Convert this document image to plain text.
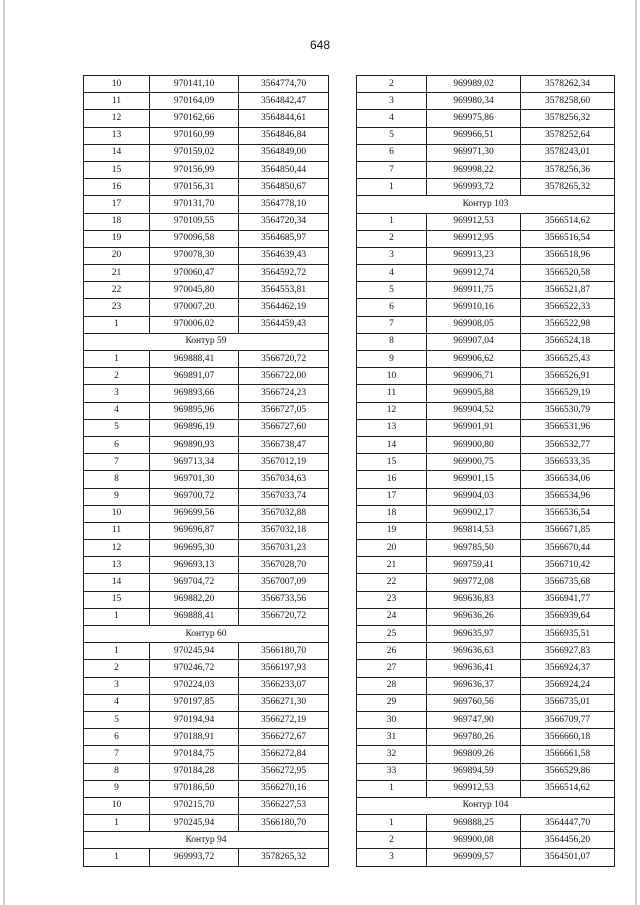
648
10	970141,10	3564774,70
11	970164,09	3564842,47
12	970162,66	3564844,61
13	970160,99	3564846,84
14	970159,02	3564849,00
15	970156,99	3564850,44
16	970156,31	3564850,67
17	970131,70	3564778,10
18	970109,55	3564720,34
19	970096,58	3564685,97
20	970078,30	3564639,43
21	970060,47	3564592,72
22	970045,80	3564553,81
23	970007,20	3564462,19
1	970006,02	3564459,43
Контур 59		
1	969888,41	3566720,72
2	969891,07	3566722,00
3	969893,66	3566724,23
4	969895,96	3566727,05
5	969896,19	3566727,60
6	969890,93	3566738,47
7	969713,34	3567012,19
8	969701,30	3567034,63
9	969700,72	3567033,74
10	969699,56	3567032,88
11	969696,87	3567032,18
12	969695,30	3567031,23
13	969693,13	3567028,70
14	969704,72	3567007,09
15	969882,20	3566733,56
1	969888,41	3566720,72
Контур 60		
1	970245,94	3566180,70
2	970246,72	3566197,93
3	970224,03	3566233,07
4	970197,85	3566271,30
5	970194,94	3566272,19
6	970188,91	3566272,67
7	970184,75	3566272,84
8	970184,28	3566272,95
9	970186,50	3566270,16
10	970215,70	3566227,53
1	970245,94	3566180,70
Контур 94		
1	969993,72	3578265,32
2	969989,02	3578262,34
3	969980,34	3578258,60
4	969975,86	3578256,32
5	969966,51	3578252,64
6	969971,30	3578243,01
7	969998,22	3578256,36
1	969993,72	3578265,32
Контур 103		
1	969912,53	3566514,62
2	969912,95	3566516,54
3	969913,23	3566518,96
4	969912,74	3566520,58
5	969911,75	3566521,87
6	969910,16	3566522,33
7	969908,05	3566522,98
8	969907,04	3566524,18
9	969906,62	3566525,43
10	969906,71	3566526,91
11	969905,88	3566529,19
12	969904,52	3566530,79
13	969901,91	3566531,96
14	969900,80	3566532,77
15	969900,75	3566533,35
16	969901,15	3566534,06
17	969904,03	3566534,96
18	969902,17	3566536,54
19	969814,53	3566671,85
20	969785,50	3566670,44
21	969759,41	3566710,42
22	969772,08	3566735,68
23	969636,83	3566941,77
24	969636,26	3566939,64
25	969635,97	3566935,51
26	969636,63	3566927,83
27	969636,41	3566924,37
28	969636,37	3566924,24
29	969760,56	3566735,01
30	969747,90	3566709,77
31	969780,26	3566660,18
32	969809,26	3566661,58
33	969894,59	3566529,86
1	969912,53	3566514,62
Контур 104		
1	969888,25	3564447,70
2	969900,08	3564456,20
3	969909,57	3564501,07
